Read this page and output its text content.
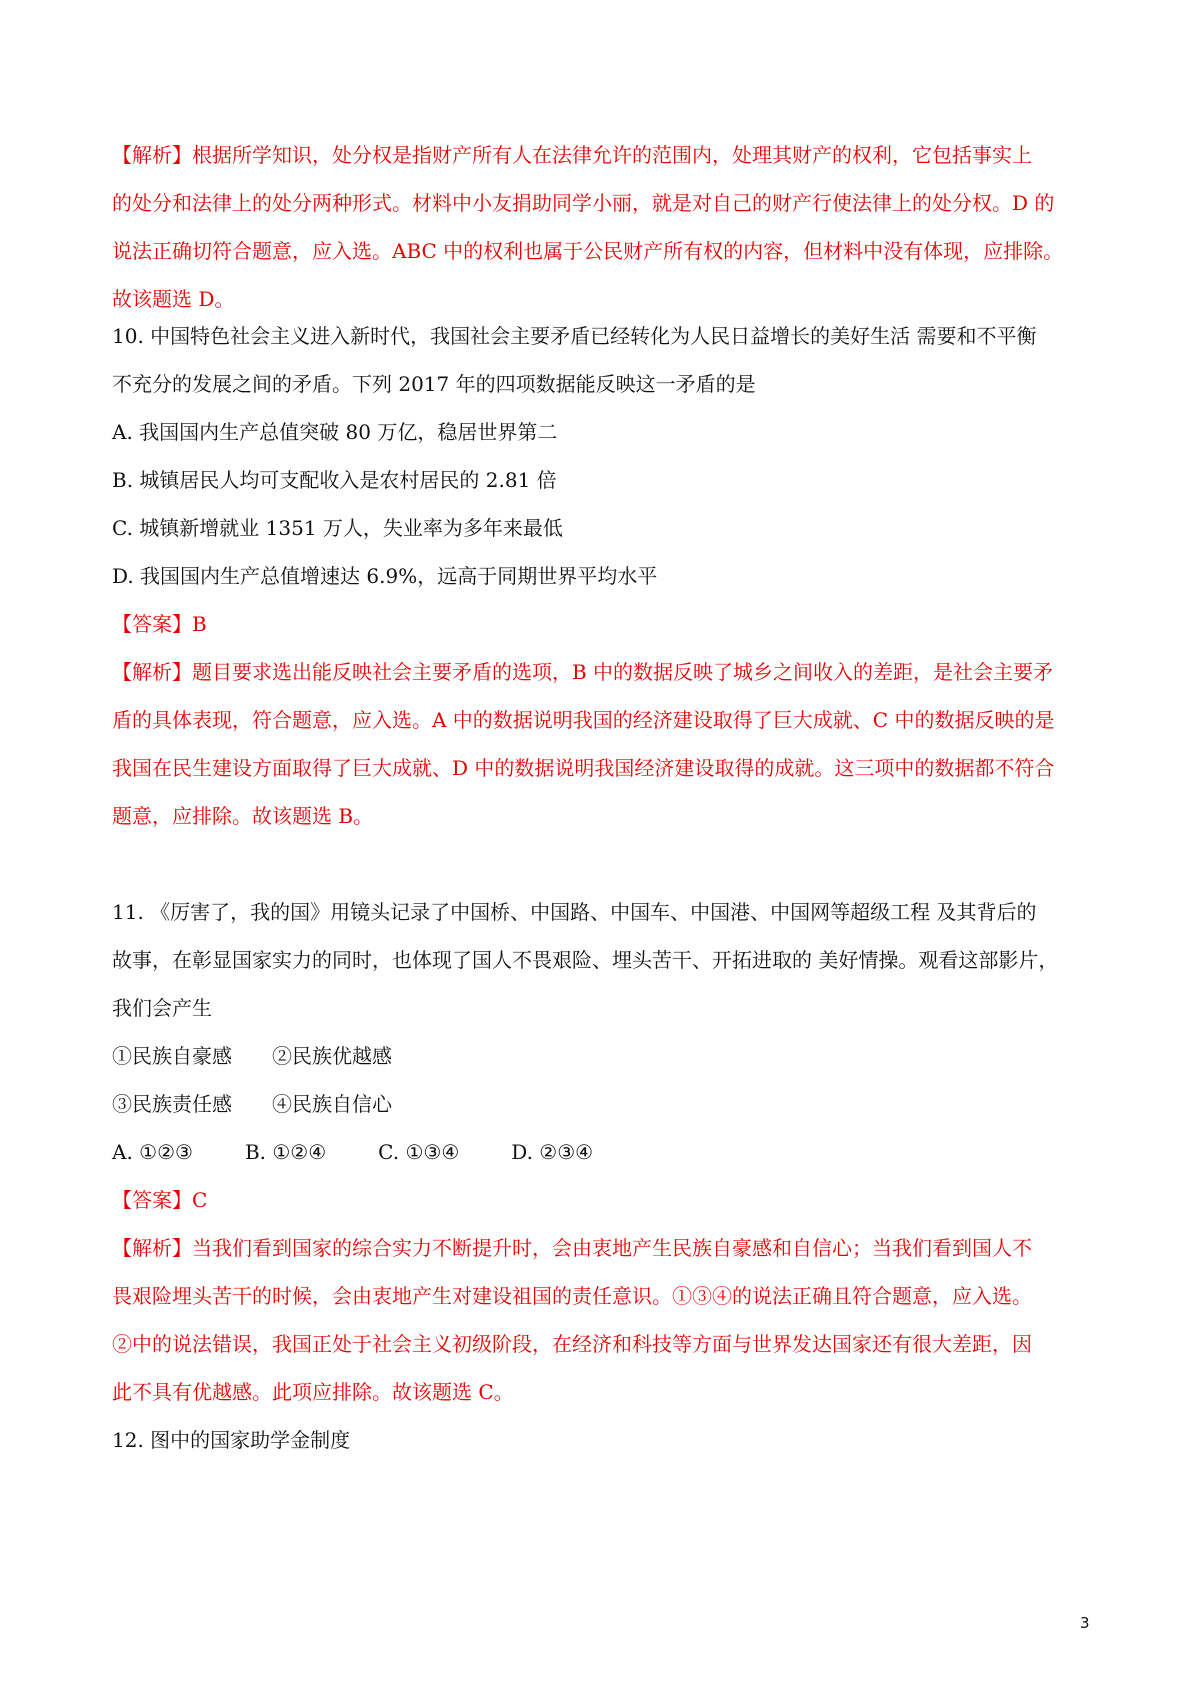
【解析】根据所学知识，处分权是指财产所有人在法律允许的范围内，处理其财产的权利，它包括事实上
的处分和法律上的处分两种形式。材料中小友捐助同学小丽，就是对自己的财产行使法律上的处分权。D 的
说法正确切符合题意，应入选。ABC 中的权利也属于公民财产所有权的内容，但材料中没有体现，应排除。
故该题选 D。
10. 中国特色社会主义进入新时代，我国社会主要矛盾已经转化为人民日益增长的美好生活 需要和不平衡
不充分的发展之间的矛盾。下列 2017 年的四项数据能反映这一矛盾的是
A. 我国国内生产总值突破 80 万亿，稳居世界第二
B. 城镇居民人均可支配收入是农村居民的 2.81 倍
C. 城镇新增就业 1351 万人，失业率为多年来最低
D. 我国国内生产总值增速达 6.9%，远高于同期世界平均水平
【答案】B
【解析】题目要求选出能反映社会主要矛盾的选项，B 中的数据反映了城乡之间收入的差距，是社会主要矛
盾的具体表现，符合题意，应入选。A 中的数据说明我国的经济建设取得了巨大成就、C 中的数据反映的是
我国在民生建设方面取得了巨大成就、D 中的数据说明我国经济建设取得的成就。这三项中的数据都不符合
题意，应排除。故该题选 B。
11. 《厉害了，我的国》用镜头记录了中国桥、中国路、中国车、中国港、中国网等超级工程 及其背后的
故事，在彰显国家实力的同时，也体现了国人不畏艰险、埋头苦干、开拓进取的 美好情操。观看这部影片，
我们会产生
①民族自豪感　　②民族优越感
③民族责任感　　④民族自信心
A. ①②③	B. ①②④	C. ①③④	D. ②③④
【答案】C
【解析】当我们看到国家的综合实力不断提升时，会由衷地产生民族自豪感和自信心；当我们看到国人不
畏艰险埋头苦干的时候，会由衷地产生对建设祖国的责任意识。①③④的说法正确且符合题意，应入选。
②中的说法错误，我国正处于社会主义初级阶段，在经济和科技等方面与世界发达国家还有很大差距，因
此不具有优越感。此项应排除。故该题选 C。
12. 图中的国家助学金制度
3
